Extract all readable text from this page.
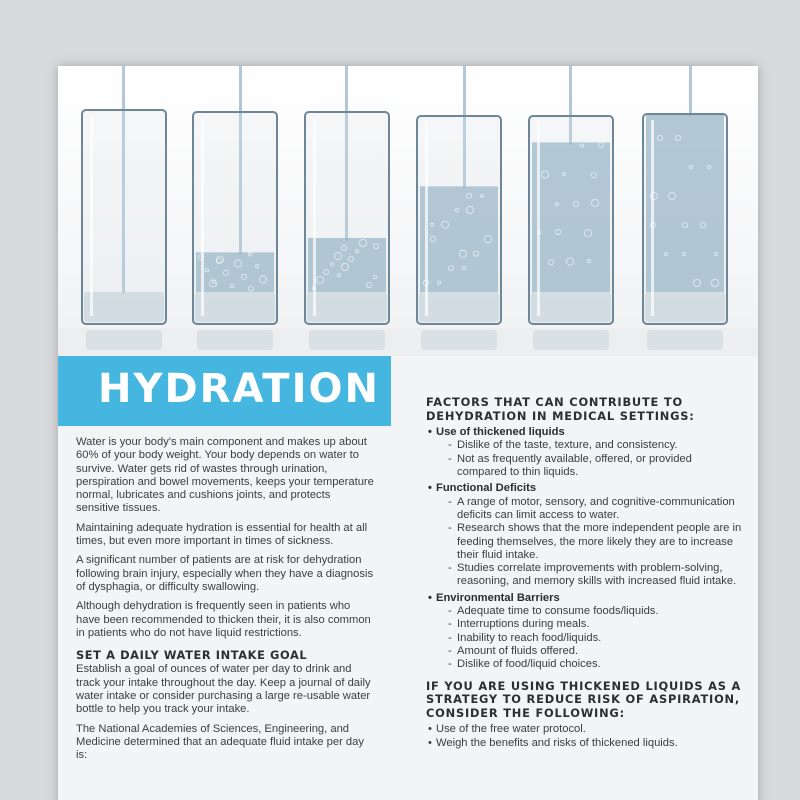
HYDRATION

Water is your body's main component and makes up about 60% of your body weight. Your body depends on water to survive. Water gets rid of wastes through urination, perspiration and bowel movements, keeps your temperature normal, lubricates and cushions joints, and protects sensitive tissues.

Maintaining adequate hydration is essential for health at all times, but even more important in times of sickness.

A significant number of patients are at risk for dehydration following brain injury, especially when they have a diagnosis of dysphagia, or difficulty swallowing.

Although dehydration is frequently seen in patients who have been recommended to thicken their, it is also common in patients who do not have liquid restrictions.

SET A DAILY WATER INTAKE GOAL

Establish a goal of ounces of water per day to drink and track your intake throughout the day. Keep a journal of daily water intake or consider purchasing a large re-usable water bottle to help you track your intake.

The National Academies of Sciences, Engineering, and Medicine determined that an adequate fluid intake per day is:

FACTORS THAT CAN CONTRIBUTE TO DEHYDRATION IN MEDICAL SETTINGS:
• Use of thickened liquids
- Dislike of the taste, texture, and consistency.
- Not as frequently available, offered, or provided compared to thin liquids.
• Functional Deficits
- A range of motor, sensory, and cognitive-communication deficits can limit access to water.
- Research shows that the more independent people are in feeding themselves, the more likely they are to increase their fluid intake.
- Studies correlate improvements with problem-solving, reasoning, and memory skills with increased fluid intake.
• Environmental Barriers
- Adequate time to consume foods/liquids.
- Interruptions during meals.
- Inability to reach food/liquids.
- Amount of fluids offered.
- Dislike of food/liquid choices.
IF YOU ARE USING THICKENED LIQUIDS AS A STRATEGY TO REDUCE RISK OF ASPIRATION, CONSIDER THE FOLLOWING:
• Use of the free water protocol.
• Weigh the benefits and risks of thickened liquids.
